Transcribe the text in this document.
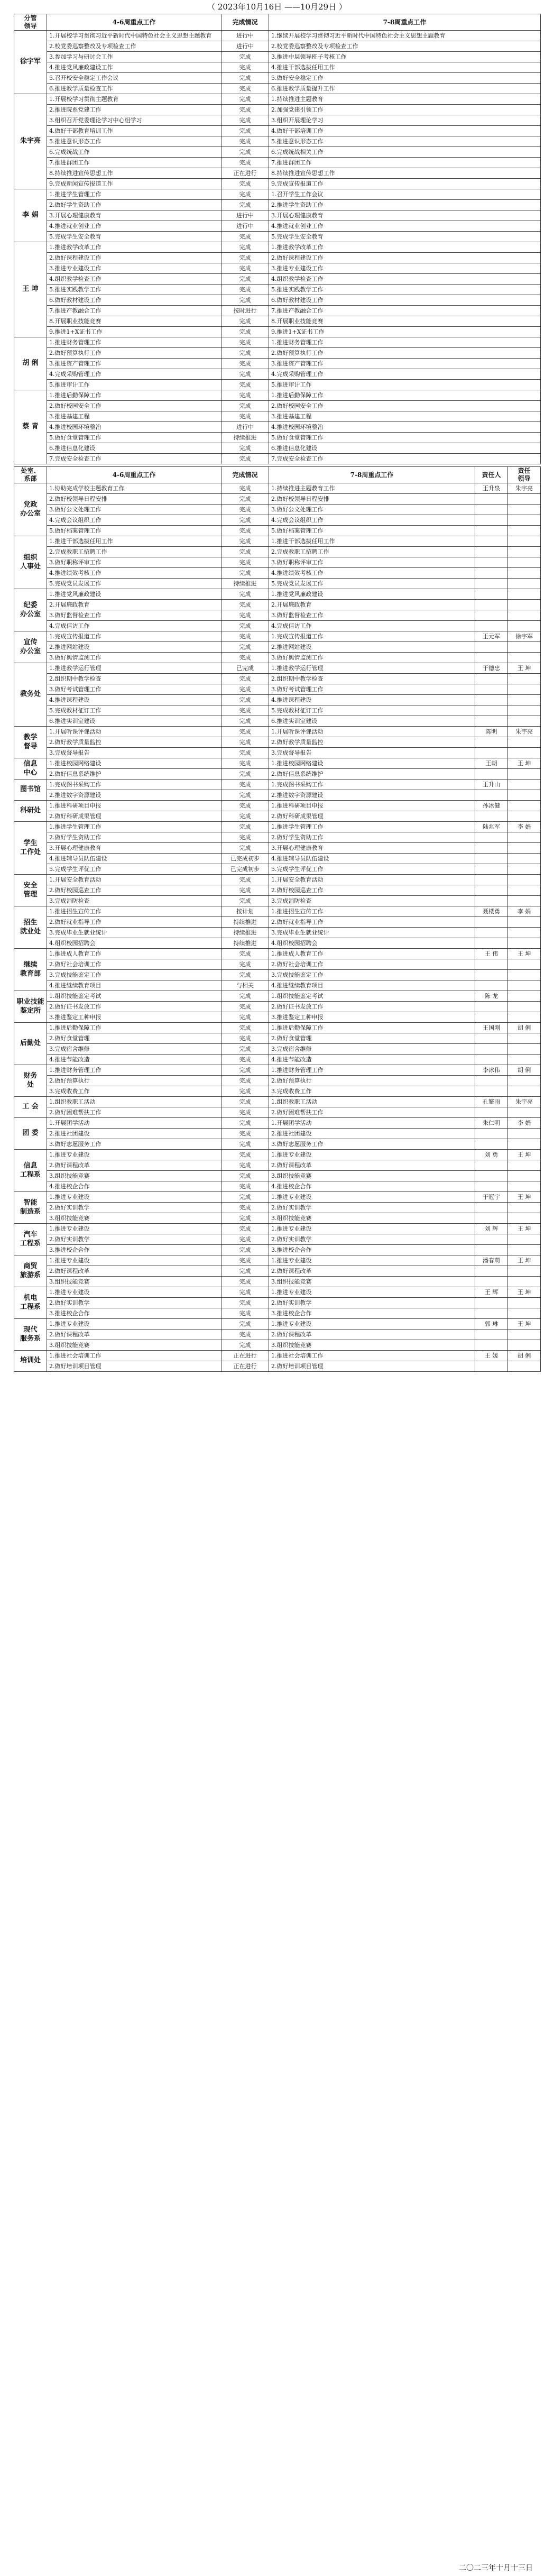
（ 2023年10月16日 ——10月29日 ）
分管
领导	4-6周重点工作	完成情况	7-8周重点工作
徐宇军	1.开展校学习贯彻习近平新时代中国特色社会主义思想主题教育	进行中	1.继续开展校学习贯彻习近平新时代中国特色社会主义思想主题教育
	2.校党委巡察整改及专项检查工作	进行中	2.校党委巡察整改及专项检查工作
	3.参加学习与研讨会工作	完成	3.推进中层领导班子考核工作
	4.推进党风廉政建设工作	完成	4.推进干部选拔任用工作
	5.召开校安全稳定工作会议	完成	5.做好安全稳定工作
	6.推进教学质量检查工作	完成	6.推进教学质量提升工作
朱宇亮	1.开展校学习贯彻主题教育	完成	1.持续推进主题教育
	2.推进院系党建工作	完成	2.加强党建引领工作
	3.组织召开党委理论学习中心组学习	完成	3.组织开展理论学习
	4.做好干部教育培训工作	完成	4.做好干部培训工作
	5.推进意识形态工作	完成	5.推进意识形态工作
	6.完成统战工作	完成	6.完成统战相关工作
	7.推进群团工作	完成	7.推进群团工作
	8.持续推进宣传思想工作	正在进行	8.持续推进宣传思想工作
	9.完成新闻宣传报道工作	完成	9.完成宣传报道工作
李 娟	1.推进学生管理工作	完成	1.召开学生工作会议
	2.做好学生资助工作	完成	2.推进学生资助工作
	3.开展心理健康教育	进行中	3.开展心理健康教育
	4.推进就业创业工作	进行中	4.推进就业创业工作
	5.完成学生安全教育	完成	5.完成学生安全教育
王 坤	1.推进教学改革工作	完成	1.推进教学改革工作
	2.做好课程建设工作	完成	2.做好课程建设工作
	3.推进专业建设工作	完成	3.推进专业建设工作
	4.组织教学检查工作	完成	4.组织教学检查工作
	5.推进实践教学工作	完成	5.推进实践教学工作
	6.做好教材建设工作	完成	6.做好教材建设工作
	7.推进产教融合工作	按时进行	7.推进产教融合工作
	8.开展职业技能竞赛	完成	8.开展职业技能竞赛
	9.推进1+X证书工作	完成	9.推进1+X证书工作
胡 俐	1.推进财务管理工作	完成	1.推进财务管理工作
	2.做好预算执行工作	完成	2.做好预算执行工作
	3.推进资产管理工作	完成	3.推进资产管理工作
	4.完成采购管理工作	完成	4.完成采购管理工作
	5.推进审计工作	完成	5.推进审计工作
蔡 青	1.推进后勤保障工作	完成	1.推进后勤保障工作
	2.做好校园安全工作	完成	2.做好校园安全工作
	3.推进基建工程	完成	3.推进基建工程
	4.推进校园环境整治	进行中	4.推进校园环境整治
	5.做好食堂管理工作	持续推进	5.做好食堂管理工作
	6.推进信息化建设	完成	6.推进信息化建设
	7.完成安全检查工作	完成	7.完成安全检查工作
处室、
系部	4-6周重点工作	完成情况	7-8周重点工作	责任人	责任
领导
党政
办公室	1.协助完成学校主题教育工作	完成	1.持续推进主题教育工作	王升泉	朱宇亮
	2.做好校领导日程安排	完成	2.做好校领导日程安排		
	3.做好公文处理工作	完成	3.做好公文处理工作		
	4.完成会议组织工作	完成	4.完成会议组织工作		
	5.做好档案管理工作	完成	5.做好档案管理工作		
组织
人事处	1.推进干部选拔任用工作	完成	1.推进干部选拔任用工作		
	2.完成教职工招聘工作	完成	2.完成教职工招聘工作		
	3.做好职称评审工作	完成	3.做好职称评审工作		
	4.推进绩效考核工作	完成	4.推进绩效考核工作		
	5.完成党员发展工作	持续推进	5.完成党员发展工作		
纪委
办公室	1.推进党风廉政建设	完成	1.推进党风廉政建设		
	2.开展廉政教育	完成	2.开展廉政教育		
	3.做好监督检查工作	完成	3.做好监督检查工作		
	4.完成信访工作	完成	4.完成信访工作		
宣传
办公室	1.完成宣传报道工作	完成	1.完成宣传报道工作	王元军	徐宇军
	2.推进网站建设	完成	2.推进网站建设		
	3.做好舆情监测工作	完成	3.做好舆情监测工作		
教务处	1.推进教学运行管理	已完成	1.推进教学运行管理	于德忠	王 坤
	2.组织期中教学检查	完成	2.组织期中教学检查		
	3.做好考试管理工作	完成	3.做好考试管理工作		
	4.推进课程建设	完成	4.推进课程建设		
	5.完成教材征订工作	完成	5.完成教材征订工作		
	6.推进实训室建设	完成	6.推进实训室建设		
教学
督导	1.开展听课评课活动	完成	1.开展听课评课活动	陈明	朱宇亮
	2.做好教学质量监控	完成	2.做好教学质量监控		
	3.完成督导报告	完成	3.完成督导报告		
信息
中心	1.推进校园网络建设	完成	1.推进校园网络建设	王朝	王 坤
	2.做好信息系统维护	完成	2.做好信息系统维护		
图书馆	1.完成图书采购工作	完成	1.完成图书采购工作	王升山	
	2.推进数字资源建设	完成	2.推进数字资源建设		
科研处	1.推进科研项目申报	完成	1.推进科研项目申报	孙冰健	
	2.做好科研成果管理	完成	2.做好科研成果管理		
学生
工作处	1.推进学生管理工作	完成	1.推进学生管理工作	陆兆军	李 娟
	2.做好学生资助工作	完成	2.做好学生资助工作		
	3.开展心理健康教育	完成	3.开展心理健康教育		
	4.推进辅导员队伍建设	已完成初步	4.推进辅导员队伍建设		
	5.完成学生评优工作	已完成初步	5.完成学生评优工作		
安全
管理	1.开展安全教育活动	完成	1.开展安全教育活动		
	2.做好校园巡查工作	完成	2.做好校园巡查工作		
	3.完成消防检查	完成	3.完成消防检查		
招生
就业处	1.推进招生宣传工作	按计划	1.推进招生宣传工作	聂楼勇	李 娟
	2.做好就业指导工作	持续推进	2.做好就业指导工作		
	3.完成毕业生就业统计	持续推进	3.完成毕业生就业统计		
	4.组织校园招聘会	持续推进	4.组织校园招聘会		
继续
教育部	1.推进成人教育工作	完成	1.推进成人教育工作	王 伟	王 坤
	2.做好社会培训工作	完成	2.做好社会培训工作		
	3.完成技能鉴定工作	完成	3.完成技能鉴定工作		
	4.推进继续教育项目	与相关	4.推进继续教育项目		
职业技能
鉴定所	1.组织技能鉴定考试	完成	1.组织技能鉴定考试	陈 龙	
	2.做好证书发放工作	完成	2.做好证书发放工作		
	3.推进鉴定工种申报	完成	3.推进鉴定工种申报		
后勤处	1.推进后勤保障工作	完成	1.推进后勤保障工作	王国刚	胡 俐
	2.做好食堂管理	完成	2.做好食堂管理		
	3.完成宿舍维修	完成	3.完成宿舍维修		
	4.推进节能改造	完成	4.推进节能改造		
财务
处	1.推进财务管理工作	完成	1.推进财务管理工作	李冰伟	胡 俐
	2.做好预算执行	完成	2.做好预算执行		
	3.完成收费工作	完成	3.完成收费工作		
工 会	1.组织教职工活动	完成	1.组织教职工活动	孔繁雨	朱宇亮
	2.做好困难帮扶工作	完成	2.做好困难帮扶工作		
团 委	1.开展团学活动	完成	1.开展团学活动	朱仁明	李 娟
	2.推进社团建设	完成	2.推进社团建设		
	3.做好志愿服务工作	完成	3.做好志愿服务工作		
信息
工程系	1.推进专业建设	完成	1.推进专业建设	刘 勇	王 坤
	2.做好课程改革	完成	2.做好课程改革		
	3.组织技能竞赛	完成	3.组织技能竞赛		
	4.推进校企合作	完成	4.推进校企合作		
智能
制造系	1.推进专业建设	完成	1.推进专业建设	于冠宇	王 坤
	2.做好实训教学	完成	2.做好实训教学		
	3.组织技能竞赛	完成	3.组织技能竞赛		
汽车
工程系	1.推进专业建设	完成	1.推进专业建设	刘 辉	王 坤
	2.做好实训教学	完成	2.做好实训教学		
	3.推进校企合作	完成	3.推进校企合作		
商贸
旅游系	1.推进专业建设	完成	1.推进专业建设	潘春莉	王 坤
	2.做好课程改革	完成	2.做好课程改革		
	3.组织技能竞赛	完成	3.组织技能竞赛		
机电
工程系	1.推进专业建设	完成	1.推进专业建设	王 辉	王 坤
	2.做好实训教学	完成	2.做好实训教学		
	3.推进校企合作	完成	3.推进校企合作		
现代
服务系	1.推进专业建设	完成	1.推进专业建设	郭 琳	王 坤
	2.做好课程改革	完成	2.做好课程改革		
	3.组织技能竞赛	完成	3.组织技能竞赛		
培训处	1.推进社会培训工作	正在进行	1.推进社会培训工作	王 媛	胡 俐
	2.做好培训项目管理	正在进行	2.做好培训项目管理		
二〇二三年十月十三日
